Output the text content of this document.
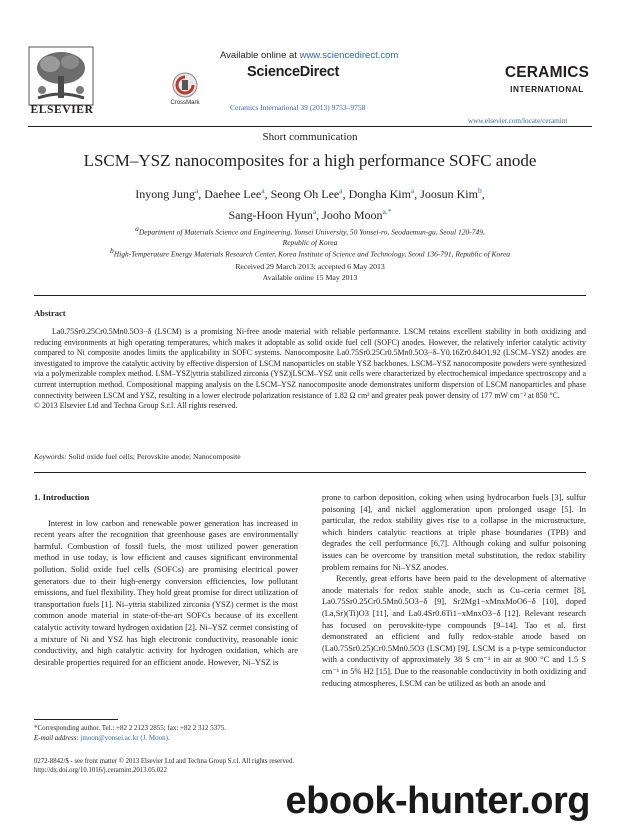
ELSEVIER
Available online at www.sciencedirect.com
CrossMark
ScienceDirect
Ceramics International 39 (2013) 9753–9758
CERAMICS
INTERNATIONAL
www.elsevier.com/locate/ceramint
Short communication
LSCM–YSZ nanocomposites for a high performance SOFC anode
Inyong Jung$^a$, Daehee Lee$^a$, Seong Oh Lee$^a$, Dongha Kim$^a$, Joosun Kim$^b$,
Sang-Hoon Hyun$^a$, Jooho Moon$^{a,*}$
aDepartment of Materials Science and Engineering, Yonsei University, 50 Yonsei-ro, Seodaemun-gu, Seoul 120-749,
Republic of Korea
bHigh-Temperature Energy Materials Research Center, Korea Institute of Science and Technology, Seoul 136-791, Republic of Korea
Received 29 March 2013; accepted 6 May 2013
Available online 15 May 2013
Abstract

La0.75Sr0.25Cr0.5Mn0.5O3−δ (LSCM) is a promising Ni-free anode material with reliable performance. LSCM retains excellent stability in both oxidizing and reducing environments at high operating temperatures, which makes it adoptable as solid oxide fuel cell (SOFC) anodes. However, the relatively inferior catalytic activity compared to Ni composite anodes limits the applicability in SOFC systems. Nanocomposite La0.75Sr0.25Cr0.5Mn0.5O3−δ–Y0.16Zr0.84O1.92 (LSCM–YSZ) anodes are investigated to improve the catalytic activity by effective dispersion of LSCM nanoparticles on stable YSZ backbones. LSCM–YSZ nanocomposite powders were synthesized via a polymerizable complex method. LSM–YSZ|yttria stabilized zirconia (YSZ)|LSCM–YSZ unit cells were characterized by electrochemical impedance spectroscopy and a current interruption method. Compositional mapping analysis on the LSCM–YSZ nanocomposite anode demonstrates uniform dispersion of LSCM nanoparticles and phase connectivity between LSCM and YSZ, resulting in a lower electrode polarization resistance of 1.82 Ω cm² and greater peak power density of 177 mW cm⁻² at 850 °C.

© 2013 Elsevier Ltd and Techna Group S.r.l. All rights reserved.

Keywords: Solid oxide fuel cells; Perovskite anode; Nanocomposite
1. Introduction

Interest in low carbon and renewable power generation has increased in recent years after the recognition that greenhouse gases are environmentally harmful. Combustion of fossil fuels, the most utilized power generation method in use today, is low efficient and causes significant environmental pollution. Solid oxide fuel cells (SOFCs) are promising electrical power generators due to their high-energy conversion efficiencies, low pollutant emissions, and fuel flexibility. They hold great promise for direct utilization of transportation fuels [1]. Ni–yttria stabilized zirconia (YSZ) cermet is the most common anode material in state-of-the-art SOFCs because of its excellent catalytic activity toward hydrogen oxidation [2]. Ni–YSZ cermet consisting of a mixture of Ni and YSZ has high electronic conductivity, reasonable ionic conductivity, and high catalytic activity for hydrogen oxidation, which are desirable properties required for an efficient anode. However, Ni–YSZ is

prone to carbon deposition, coking when using hydrocarbon fuels [3], sulfur poisoning [4], and nickel agglomeration upon prolonged usage [5]. In particular, the redox stability gives rise to a collapse in the microstructure, which hinders catalytic reactions at triple phase boundaries (TPB) and degrades the cell performance [6,7]. Although coking and sulfur poisoning issues can be overcome by transition metal substitution, the redox stability problem remains for Ni–YSZ anodes.

Recently, great efforts have been paid to the development of alternative anode materials for redox stable anode, such as Cu–ceria cermet [8], La0.75Sr0.25Cr0.5Mn0.5O3−δ [9], Sr2Mg1−xMnxMoO6−δ [10], doped (La,Sr)(Ti)O3 [11], and La0.4Sr0.6Ti1−xMnxO3−δ [12]. Relevant research has focused on perovskite-type compounds [9–14]. Tao et al. first demonstrated an efficient and fully redox-stable anode based on (La0.75Sr0.25)Cr0.5Mn0.5O3 (LSCM) [9]. LSCM is a p-type semiconductor with a conductivity of approximately 38 S cm⁻¹ in air at 900 °C and 1.5 S cm⁻¹ in 5% H2 [15]. Due to the reasonable conductivity in both oxidizing and reducing atmospheres, LSCM can be utilized as both an anode and

*Corresponding author. Tel.: +82 2 2123 2855; fax: +82 2 312 5375.
E-mail address: jmoon@yonsei.ac.kr (J. Moon).
0272-8842/$ - see front matter © 2013 Elsevier Ltd and Techna Group S.r.l. All rights reserved.
http://dx.doi.org/10.1016/j.ceramint.2013.05.022
ebook-hunter.org
